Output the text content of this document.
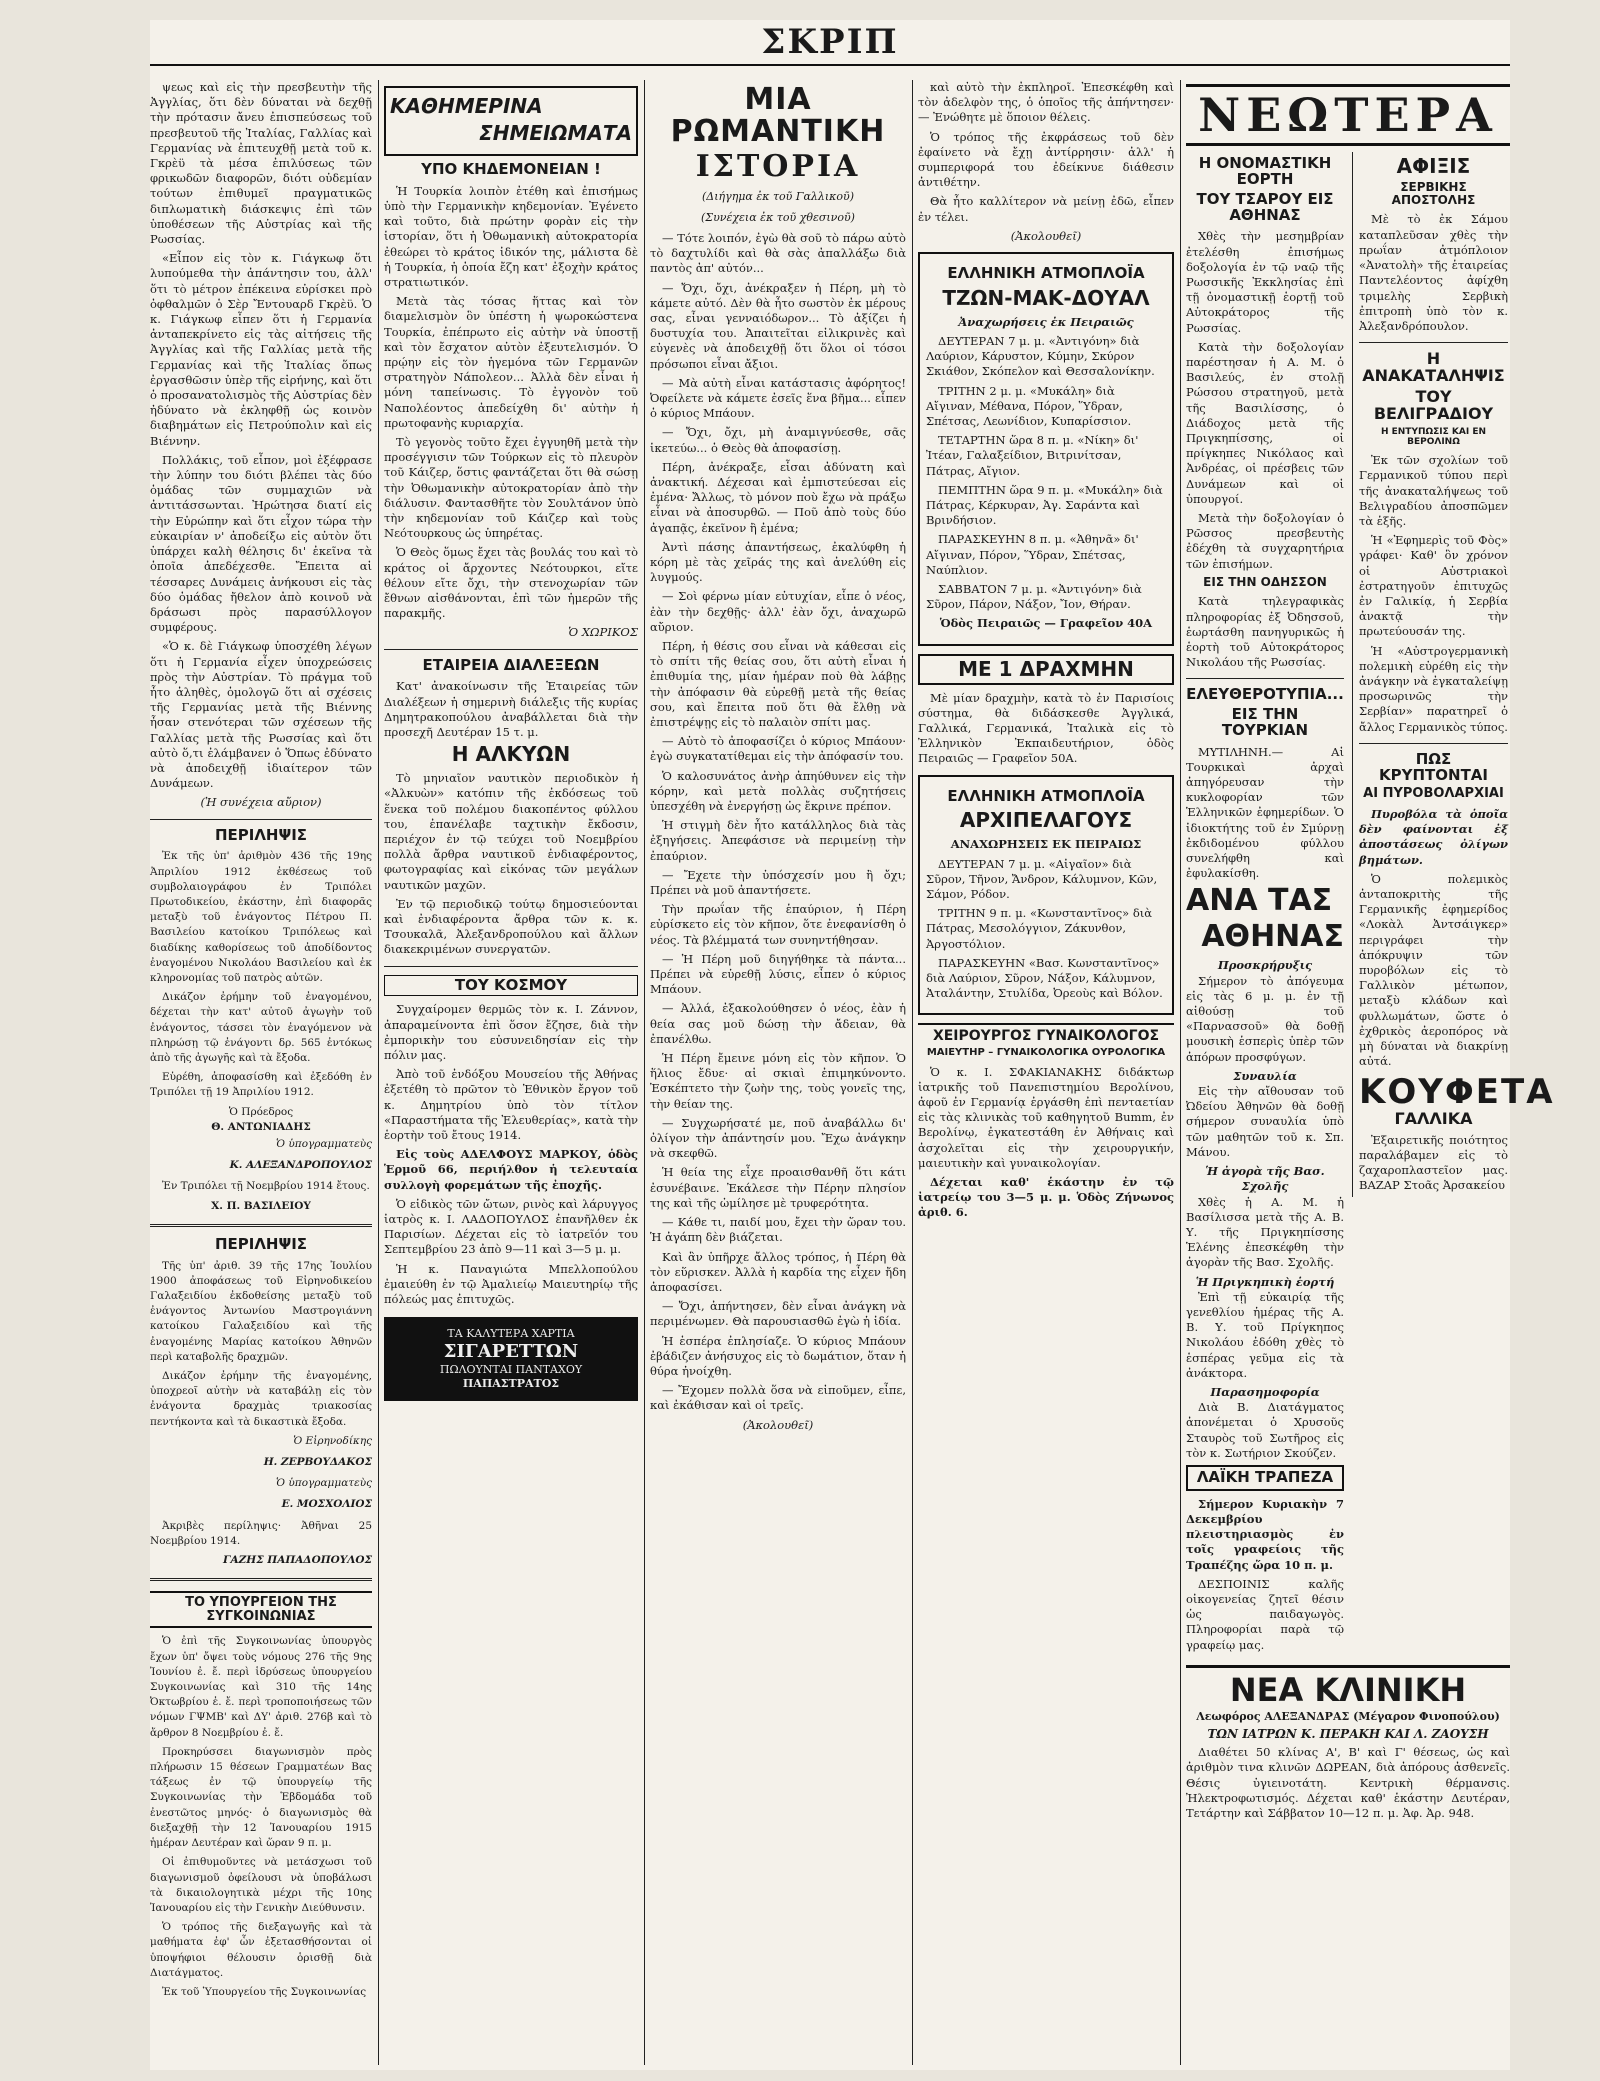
ΣΚΡΙΠ

ψεως καὶ εἰς τὴν πρεσβευτὴν τῆς Ἀγγλίας, ὅτι δὲν δύναται νὰ δεχθῇ τὴν πρότασιν ἄνευ ἐπισπεύσεως τοῦ πρεσβευτοῦ τῆς Ἰταλίας, Γαλλίας καὶ Γερμανίας νὰ ἐπιτευχθῇ μετὰ τοῦ κ. Γκρὲϋ τὰ μέσα ἐπιλύσεως τῶν φρικωδῶν διαφορῶν, διότι οὐδεμίαν τούτων ἐπιθυμεῖ πραγματικῶς διπλωματικὴ διάσκεψις ἐπὶ τῶν ὑποθέσεων τῆς Αὐστρίας καὶ τῆς Ρωσσίας.

«Εἶπον εἰς τὸν κ. Γιάγκωφ ὅτι λυπούμεθα τὴν ἀπάντησιν του, ἀλλ' ὅτι τὸ μέτρον ἐπέκεινα εὐρίσκει πρὸ ὀφθαλμῶν ὁ Σὲρ Ἔντουαρδ Γκρὲϋ. Ὁ κ. Γιάγκωφ εἶπεν ὅτι ἡ Γερμανία ἀνταπεκρίνετο εἰς τὰς αἰτήσεις τῆς Ἀγγλίας καὶ τῆς Γαλλίας μετὰ τῆς Γερμανίας καὶ τῆς Ἰταλίας ὅπως ἐργασθῶσιν ὑπὲρ τῆς εἰρήνης, καὶ ὅτι ὁ προσανατολισμὸς τῆς Αὐστρίας δὲν ἠδύνατο νὰ ἐκληφθῇ ὡς κοινὸν διαβημάτων εἰς Πετρούπολιν καὶ εἰς Βιέννην.

Πολλάκις, τοῦ εἶπον, μοὶ ἐξέφρασε τὴν λύπην του διότι βλέπει τὰς δύο ὁμάδας τῶν συμμαχιῶν νὰ ἀντιτάσσωνται. Ἠρώτησα διατί εἰς τὴν Εὐρώπην καὶ ὅτι εἶχον τώρα τὴν εὐκαιρίαν ν' ἀποδείξω εἰς αὐτὸν ὅτι ὑπάρχει καλὴ θέλησις δι' ἐκεῖνα τὰ ὁποῖα ἀπεδέχεσθε. Ἔπειτα αἱ τέσσαρες Δυνάμεις ἀνήκουσι εἰς τὰς δύο ὁμάδας ἤθελον ἀπὸ κοινοῦ νὰ δράσωσι πρὸς παρασύλλογον συμφέρους.

«Ὁ κ. δὲ Γιάγκωφ ὑποσχέθη λέγων ὅτι ἡ Γερμανία εἶχεν ὑποχρεώσεις πρὸς τὴν Αὐστρίαν. Τὸ πράγμα τοῦ ἦτο ἀληθὲς, ὁμολογῶ ὅτι αἱ σχέσεις τῆς Γερμανίας μετὰ τῆς Βιέννης ἦσαν στενότεραι τῶν σχέσεων τῆς Γαλλίας μετὰ τῆς Ρωσσίας καὶ ὅτι αὐτὸ ὅ,τι ἐλάμβανεν ὁ Ὅπως ἐδύνατο νὰ ἀποδειχθῇ ἰδιαίτερον τῶν Δυνάμεων.

(Ἡ συνέχεια αὔριον)

ΠΕΡΙΛΗΨΙΣ

Ἐκ τῆς ὑπ' ἀριθμὸν 436 τῆς 19ης Ἀπριλίου 1912 ἐκθέσεως τοῦ συμβολαιογράφου ἐν Τριπόλει Πρωτοδικείου, ἐκάστην, ἐπὶ διαφορᾶς μεταξὺ τοῦ ἐνάγοντος Πέτρου Π. Βασιλείου κατοίκου Τριπόλεως καὶ διαδίκης καθορίσεως τοῦ ἀποδίδοντος ἐναγομένου Νικολάου Βασιλείου καὶ ἐκ κληρονομίας τοῦ πατρὸς αὐτῶν.

Δικάζον ἐρήμην τοῦ ἐναγομένου, δέχεται τὴν κατ' αὐτοῦ ἀγωγὴν τοῦ ἐνάγοντος, τάσσει τὸν ἐναγόμενον νὰ πληρώσῃ τῷ ἐνάγοντι δρ. 565 ἐντόκως ἀπὸ τῆς ἀγωγῆς καὶ τὰ ἔξοδα.

Εὑρέθη, ἀποφασίσθη καὶ ἐξεδόθη ἐν Τριπόλει τῇ 19 Ἀπριλίου 1912.

Ὁ Πρόεδρος
Θ. ΑΝΤΩΝΙΑΔΗΣ
Ὁ ὑπογραμματεὺς
Κ. ΑΛΕΞΑΝΔΡΟΠΟΥΛΟΣ

Ἐν Τριπόλει τῇ Νοεμβρίου 1914 ἔτους.

Χ. Π. ΒΑΣΙΛΕΙΟΥ
ΠΕΡΙΛΗΨΙΣ

Τῆς ὑπ' ἀριθ. 39 τῆς 17ης Ἰουλίου 1900 ἀποφάσεως τοῦ Εἰρηνοδικείου Γαλαξειδίου ἐκδοθείσης μεταξὺ τοῦ ἐνάγοντος Ἀντωνίου Μαστρογιάννη κατοίκου Γαλαξειδίου καὶ τῆς ἐναγομένης Μαρίας κατοίκου Ἀθηνῶν περὶ καταβολῆς δραχμῶν.

Δικάζον ἐρήμην τῆς ἐναγομένης, ὑποχρεοῖ αὐτὴν νὰ καταβάλῃ εἰς τὸν ἐνάγοντα δραχμὰς τριακοσίας πεντήκοντα καὶ τὰ δικαστικὰ ἔξοδα.

Ὁ Εἰρηνοδίκης
Η. ΖΕΡΒΟΥΔΑΚΟΣ
Ὁ ὑπογραμματεὺς
Ε. ΜΟΣΧΟΛΙΟΣ

Ἀκριβὲς περίληψις· Ἀθῆναι 25 Νοεμβρίου 1914.

ΓΑΖΗΣ ΠΑΠΑΔΟΠΟΥΛΟΣ
ΤΟ ΥΠΟΥΡΓΕΙΟΝ ΤΗΣ ΣΥΓΚΟΙΝΩΝΙΑΣ

Ὁ ἐπὶ τῆς Συγκοινωνίας ὑπουργὸς ἔχων ὑπ' ὄψει τοὺς νόμους 276 τῆς 9ης Ἰουνίου ἐ. ἔ. περὶ ἱδρύσεως ὑπουργείου Συγκοινωνίας καὶ 310 τῆς 14ης Ὀκτωβρίου ἐ. ἔ. περὶ τροποποιήσεως τῶν νόμων ΓΨΜΒ' καὶ ΔΥ' ἀριθ. 276β καὶ τὸ ἄρθρον 8 Νοεμβρίου ἐ. ἔ.

Προκηρύσσει διαγωνισμὸν πρὸς πλήρωσιν 15 θέσεων Γραμματέων Βας τάξεως ἐν τῷ ὑπουργείῳ τῆς Συγκοινωνίας τὴν Ἑβδομάδα τοῦ ἐνεστῶτος μηνός· ὁ διαγωνισμὸς θὰ διεξαχθῇ τὴν 12 Ἰανουαρίου 1915 ἡμέραν Δευτέραν καὶ ὥραν 9 π. μ.

Οἱ ἐπιθυμοῦντες νὰ μετάσχωσι τοῦ διαγωνισμοῦ ὀφείλουσι νὰ ὑποβάλωσι τὰ δικαιολογητικὰ μέχρι τῆς 10ης Ἰανουαρίου εἰς τὴν Γενικὴν Διεύθυνσιν.

Ὁ τρόπος τῆς διεξαγωγῆς καὶ τὰ μαθήματα ἐφ' ὧν ἐξετασθήσονται οἱ ὑποψήφιοι θέλουσιν ὁρισθῇ διὰ Διατάγματος.

Ἐκ τοῦ Ὑπουργείου τῆς Συγκοινωνίας

ΚΑΘΗΜΕΡΙΝΑ
ΣΗΜΕΙΩΜΑΤΑ
ΥΠΟ ΚΗΔΕΜΟΝΕΙΑΝ !

Ἡ Τουρκία λοιπὸν ἐτέθη καὶ ἐπισήμως ὑπὸ τὴν Γερμανικὴν κηδεμονίαν. Ἐγένετο καὶ τοῦτο, διὰ πρώτην φορὰν εἰς τὴν ἱστορίαν, ὅτι ἡ Ὀθωμανικὴ αὐτοκρατορία ἐθεώρει τὸ κράτος ἰδικόν της, μάλιστα δὲ ἡ Τουρκία, ἡ ὁποία ἔζη κατ' ἐξοχὴν κράτος στρατιωτικόν.

Μετὰ τὰς τόσας ἥττας καὶ τὸν διαμελισμὸν ὃν ὑπέστη ἡ ψωροκώστενα Τουρκία, ἐπέπρωτο εἰς αὐτὴν νὰ ὑποστῇ καὶ τὸν ἔσχατον αὐτὸν ἐξευτελισμόν. Ὁ πρῴην εἰς τὸν ἡγεμόνα τῶν Γερμανῶν στρατηγὸν Νάπολεον... Ἀλλὰ δὲν εἶναι ἡ μόνη ταπείνωσις. Τὸ ἐγγονὸν τοῦ Ναπολέοντος ἀπεδείχθη δι' αὐτὴν ἡ πρωτοφανὴς κυριαρχία.

Τὸ γεγονὸς τοῦτο ἔχει ἐγγυηθῆ μετὰ τὴν προσέγγισιν τῶν Τούρκων εἰς τὸ πλευρὸν τοῦ Κάιζερ, ὅστις φαντάζεται ὅτι θὰ σώσῃ τὴν Ὀθωμανικὴν αὐτοκρατορίαν ἀπὸ τὴν διάλυσιν. Φαντασθῆτε τὸν Σουλτάνον ὑπὸ τὴν κηδεμονίαν τοῦ Κάιζερ καὶ τοὺς Νεότουρκους ὡς ὑπηρέτας.

Ὁ Θεὸς ὅμως ἔχει τὰς βουλάς του καὶ τὸ κράτος οἱ ἄρχοντες Νεότουρκοι, εἴτε θέλουν εἴτε ὄχι, τὴν στενοχωρίαν τῶν ἔθνων αἰσθάνονται, ἐπὶ τῶν ἡμερῶν τῆς παρακμῆς.

Ὁ ΧΩΡΙΚΟΣ
ΕΤΑΙΡΕΙΑ ΔΙΑΛΕΞΕΩΝ

Κατ' ἀνακοίνωσιν τῆς Ἑταιρείας τῶν Διαλέξεων ἡ σημερινὴ διάλεξις τῆς κυρίας Δημητρακοπούλου ἀναβάλλεται διὰ τὴν προσεχῆ Δευτέραν 15 τ. μ.

Η ΑΛΚΥΩΝ

Τὸ μηνιαῖον ναυτικὸν περιοδικὸν ἡ «Ἀλκυὼν» κατόπιν τῆς ἐκδόσεως τοῦ ἕνεκα τοῦ πολέμου διακοπέντος φύλλου του, ἐπανέλαβε ταχτικὴν ἔκδοσιν, περιέχον ἐν τῷ τεύχει τοῦ Νοεμβρίου πολλὰ ἄρθρα ναυτικοῦ ἐνδιαφέροντος, φωτογραφίας καὶ εἰκόνας τῶν μεγάλων ναυτικῶν μαχῶν.

Ἐν τῷ περιοδικῷ τούτῳ δημοσιεύονται καὶ ἐνδιαφέροντα ἄρθρα τῶν κ. κ. Τσουκαλᾶ, Ἀλεξανδροπούλου καὶ ἄλλων διακεκριμένων συνεργατῶν.

ΤΟΥ ΚΟΣΜΟΥ

Συγχαίρομεν θερμῶς τὸν κ. Ι. Ζάννον, ἀπαραμείνοντα ἐπὶ ὅσον ἔζησε, διὰ τὴν ἐμπορικὴν του εὐσυνειδησίαν εἰς τὴν πόλιν μας.

Ἀπὸ τοῦ ἐνδόξου Μουσείου τῆς Ἀθήνας ἐξετέθη τὸ πρῶτον τὸ Ἐθνικὸν ἔργον τοῦ κ. Δημητρίου ὑπὸ τὸν τίτλον «Παραστήματα τῆς Ἐλευθερίας», κατὰ τὴν ἑορτὴν τοῦ ἔτους 1914.

Εἰς τοὺς ΑΔΕΛΦΟΥΣ ΜΑΡΚΟΥ, ὁδὸς Ἑρμοῦ 66, περιήλθον ἡ τελευταία συλλογὴ φορεμάτων τῆς ἐποχῆς.

Ὁ εἰδικὸς τῶν ὤτων, ρινὸς καὶ λάρυγγος ἰατρὸς κ. Ι. ΛΑΔΟΠΟΥΛΟΣ ἐπανῆλθεν ἐκ Παρισίων. Δέχεται εἰς τὸ ἰατρεῖόν του Σεπτεμβρίου 23 ἀπὸ 9—11 καὶ 3—5 μ. μ.

Ἡ κ. Παναγιώτα Μπελλοπούλου ἐμαιεύθη ἐν τῷ Ἀμαλιείῳ Μαιευτηρίῳ τῆς πόλεώς μας ἐπιτυχῶς.

ΤΑ ΚΑΛΥΤΕΡΑ ΧΑΡΤΙΑ
ΣΙΓΑΡΕΤΤΩΝ
ΠΩΛΟΥΝΤΑΙ ΠΑΝΤΑΧΟΥ
ΠΑΠΑΣΤΡΑΤΟΣ
ΜΙΑ ΡΩΜΑΝΤΙΚΗ
ΙΣΤΟΡΙΑ
(Διήγημα ἐκ τοῦ Γαλλικοῦ)
(Συνέχεια ἐκ τοῦ χθεσινοῦ)

— Τότε λοιπόν, ἐγὼ θὰ σοῦ τὸ πάρω αὐτὸ τὸ δαχτυλίδι καὶ θὰ σὰς ἀπαλλάξω διὰ παντὸς ἀπ' αὐτόν...

— Ὄχι, ὄχι, ἀνέκραξεν ἡ Πέρη, μὴ τὸ κάμετε αὐτό. Δὲν θὰ ἦτο σωστὸν ἐκ μέρους σας, εἶναι γενναιόδωρον... Τὸ ἀξίζει ἡ δυστυχία του. Ἀπαιτεῖται εἰλικρινὲς καὶ εὐγενὲς νὰ ἀποδειχθῇ ὅτι ὅλοι οἱ τόσοι πρόσωποι εἶναι ἄξιοι.

— Μὰ αὐτὴ εἶναι κατάστασις ἀφόρητος! Ὀφείλετε νὰ κάμετε ἐσεῖς ἕνα βῆμα... εἶπεν ὁ κύριος Μπάουν.

— Ὄχι, ὄχι, μὴ ἀναμιγνύεσθε, σᾶς ἱκετεύω... ὁ Θεὸς θὰ ἀποφασίσῃ.

Πέρη, ἀνέκραξε, εἶσαι ἀδύνατη καὶ ἀνακτική. Δέχεσαι καὶ ἐμπιστεύεσαι εἰς ἐμένα· Ἄλλως, τὸ μόνον ποὺ ἔχω νὰ πράξω εἶναι νὰ ἀποσυρθῶ. — Ποῦ ἀπὸ τοὺς δύο ἀγαπᾷς, ἐκεῖνον ἢ ἐμένα;

Ἀντὶ πάσης ἀπαντήσεως, ἐκαλύφθη ἡ κόρη μὲ τὰς χεῖράς της καὶ ἀνελύθη εἰς λυγμούς.

— Σοὶ φέρνω μίαν εὐτυχίαν, εἶπε ὁ νέος, ἐὰν τὴν δεχθῇς· ἀλλ' ἐὰν ὄχι, ἀναχωρῶ αὔριον.

Πέρη, ἡ θέσις σου εἶναι νὰ κάθεσαι εἰς τὸ σπίτι τῆς θείας σου, ὅτι αὐτὴ εἶναι ἡ ἐπιθυμία της, μίαν ἡμέραν ποὺ θὰ λάβῃς τὴν ἀπόφασιν θὰ εὑρεθῇ μετὰ τῆς θείας σου, καὶ ἔπειτα ποῦ ὅτι θὰ ἔλθῃ νὰ ἐπιστρέψῃς εἰς τὸ παλαιὸν σπίτι μας.

— Αὐτὸ τὸ ἀποφασίζει ὁ κύριος Μπάουν· ἐγὼ συγκατατίθεμαι εἰς τὴν ἀπόφασίν του.

Ὁ καλοσυνάτος ἀνὴρ ἀπηύθυνεν εἰς τὴν κόρην, καὶ μετὰ πολλὰς συζητήσεις ὑπεσχέθη νὰ ἐνεργήσῃ ὡς ἔκρινε πρέπον.

Ἡ στιγμὴ δὲν ἦτο κατάλληλος διὰ τὰς ἐξηγήσεις. Ἀπεφάσισε νὰ περιμείνῃ τὴν ἐπαύριον.

— Ἔχετε τὴν ὑπόσχεσίν μου ἢ ὄχι; Πρέπει νὰ μοῦ ἀπαντήσετε.

Τὴν πρωΐαν τῆς ἑπαύριον, ἡ Πέρη εὑρίσκετο εἰς τὸν κῆπον, ὅτε ἐνεφανίσθη ὁ νέος. Τὰ βλέμματά των συνηντήθησαν.

— Ἡ Πέρη μοῦ διηγήθηκε τὰ πάντα... Πρέπει νὰ εὑρεθῇ λύσις, εἶπεν ὁ κύριος Μπάουν.

— Ἀλλά, ἐξακολούθησεν ὁ νέος, ἐὰν ἡ θεία σας μοῦ δώσῃ τὴν ἄδειαν, θὰ ἐπανέλθω.

Ἡ Πέρη ἔμεινε μόνη εἰς τὸν κῆπον. Ὁ ἥλιος ἔδυε· αἱ σκιαὶ ἐπιμηκύνοντο. Ἐσκέπτετο τὴν ζωὴν της, τοὺς γονεῖς της, τὴν θείαν της.

— Συγχωρήσατέ με, ποῦ ἀναβάλλω δι' ὀλίγον τὴν ἀπάντησίν μου. Ἔχω ἀνάγκην νὰ σκεφθῶ.

Ἡ θεία της εἶχε προαισθανθῆ ὅτι κάτι ἐσυνέβαινε. Ἐκάλεσε τὴν Πέρην πλησίον της καὶ τῆς ὡμίλησε μὲ τρυφερότητα.

— Κάθε τι, παιδί μου, ἔχει τὴν ὥραν του. Ἡ ἀγάπη δὲν βιάζεται.

Καὶ ἂν ὑπῆρχε ἄλλος τρόπος, ἡ Πέρη θὰ τὸν εὕρισκεν. Ἀλλὰ ἡ καρδία της εἶχεν ἤδη ἀποφασίσει.

— Ὄχι, ἀπήντησεν, δὲν εἶναι ἀνάγκη νὰ περιμένωμεν. Θὰ παρουσιασθῶ ἐγὼ ἡ ἰδία.

Ἡ ἑσπέρα ἐπλησίαζε. Ὁ κύριος Μπάουν ἐβάδιζεν ἀνήσυχος εἰς τὸ δωμάτιον, ὅταν ἡ θύρα ἠνοίχθη.

— Ἔχομεν πολλὰ ὅσα νὰ εἰποῦμεν, εἶπε, καὶ ἐκάθισαν καὶ οἱ τρεῖς.

(Ἀκολουθεῖ)

καὶ αὐτὸ τὴν ἐκπληροῖ. Ἐπεσκέφθη καὶ τὸν ἀδελφὸν της, ὁ ὁποῖος τῆς ἀπήντησεν· — Ἐνώθητε μὲ ὅποιον θέλεις.

Ὁ τρόπος τῆς ἐκφράσεως τοῦ δὲν ἐφαίνετο νὰ ἔχῃ ἀντίρρησιν· ἀλλ' ἡ συμπεριφορά του ἐδείκνυε διάθεσιν ἀντιθέτην.

Θὰ ἦτο καλλίτερον νὰ μείνῃ ἐδῶ, εἶπεν ἐν τέλει.

(Ἀκολουθεῖ)

ΕΛΛΗΝΙΚΗ ΑΤΜΟΠΛΟΪΑ
ΤΖΩΝ-ΜΑΚ-ΔΟΥΑΛ

Ἀναχωρήσεις ἐκ Πειραιῶς

ΔΕΥΤΕΡΑΝ 7 μ. μ. «Ἀντιγόνη» διὰ Λαύριον, Κάρυστον, Κύμην, Σκύρον Σκιάθον, Σκόπελον καὶ Θεσσαλονίκην.

ΤΡΙΤΗΝ 2 μ. μ. «Μυκάλη» διὰ Αἴγιναν, Μέθανα, Πόρον, Ὕδραν, Σπέτσας, Λεωνίδιον, Κυπαρίσσιον.

ΤΕΤΑΡΤΗΝ ὥρα 8 π. μ. «Νίκη» δι' Ἰτέαν, Γαλαξείδιον, Βιτρινίτσαν, Πάτρας, Αἴγιον.

ΠΕΜΠΤΗΝ ὥρα 9 π. μ. «Μυκάλη» διὰ Πάτρας, Κέρκυραν, Ἀγ. Σαράντα καὶ Βρινδήσιον.

ΠΑΡΑΣΚΕΥΗΝ 8 π. μ. «Ἀθηνᾶ» δι' Αἴγιναν, Πόρον, Ὕδραν, Σπέτσας, Ναύπλιον.

ΣΑΒΒΑΤΟΝ 7 μ. μ. «Ἀντιγόνη» διὰ Σῦρον, Πάρον, Νάξον, Ἴον, Θήραν.

Ὁδὸς Πειραιῶς — Γραφεῖον 40Α

ΜΕ 1 ΔΡΑΧΜΗΝ

Μὲ μίαν δραχμὴν, κατὰ τὸ ἐν Παρισίοις σύστημα, θὰ διδάσκεσθε Ἀγγλικά, Γαλλικά, Γερμανικά, Ἰταλικὰ εἰς τὸ Ἐλληνικὸν Ἐκπαιδευτήριον, ὁδὸς Πειραιῶς — Γραφεῖον 50Α.

ΕΛΛΗΝΙΚΗ ΑΤΜΟΠΛΟΪΑ
ΑΡΧΙΠΕΛΑΓΟΥΣ

ΑΝΑΧΩΡΗΣΕΙΣ ΕΚ ΠΕΙΡΑΙΩΣ

ΔΕΥΤΕΡΑΝ 7 μ. μ. «Αἰγαῖον» διὰ Σῦρον, Τῆνον, Ἄνδρον, Κάλυμνον, Κῶν, Σάμον, Ρόδον.

ΤΡΙΤΗΝ 9 π. μ. «Κωνσταντῖνος» διὰ Πάτρας, Μεσολόγγιον, Ζάκυνθον, Ἀργοστόλιον.

ΠΑΡΑΣΚΕΥΗΝ «Βασ. Κωνσταντῖνος» διὰ Λαύριον, Σῦρον, Νάξον, Κάλυμνον, Ἀταλάντην, Στυλίδα, Ὀρεοὺς καὶ Βόλον.

ΧΕΙΡΟΥΡΓΟΣ ΓΥΝΑΙΚΟΛΟΓΟΣ
ΜΑΙΕΥΤΗΡ – ΓΥΝΑΙΚΟΛΟΓΙΚΑ ΟΥΡΟΛΟΓΙΚΑ

Ὁ κ. Ι. ΣΦΑΚΙΑΝΑΚΗΣ διδάκτωρ ἰατρικῆς τοῦ Πανεπιστημίου Βερολίνου, ἀφοῦ ἐν Γερμανίᾳ ἐργάσθη ἐπὶ πενταετίαν εἰς τὰς κλινικὰς τοῦ καθηγητοῦ Bumm, ἐν Βερολίνῳ, ἐγκατεστάθη ἐν Ἀθήναις καὶ ἀσχολεῖται εἰς τὴν χειρουργικήν, μαιευτικὴν καὶ γυναικολογίαν.

Δέχεται καθ' ἑκάστην ἐν τῷ ἰατρείῳ του 3—5 μ. μ. Ὁδὸς Ζήνωνος ἀριθ. 6.

ΝΕΩΤΕΡΑ
Η ΟΝΟΜΑΣΤΙΚΗ ΕΟΡΤΗ
ΤΟΥ ΤΣΑΡΟΥ ΕΙΣ ΑΘΗΝΑΣ

Χθὲς τὴν μεσημβρίαν ἐτελέσθη ἐπισήμως δοξολογία ἐν τῷ ναῷ τῆς Ρωσσικῆς Ἐκκλησίας ἐπὶ τῇ ὀνομαστικῇ ἑορτῇ τοῦ Αὐτοκράτορος τῆς Ρωσσίας.

Κατὰ τὴν δοξολογίαν παρέστησαν ἡ Α. Μ. ὁ Βασιλεύς, ἐν στολῇ Ρώσσου στρατηγοῦ, μετὰ τῆς Βασιλίσσης, ὁ Διάδοχος μετὰ τῆς Πριγκηπίσσης, οἱ πρίγκηπες Νικόλαος καὶ Ἀνδρέας, οἱ πρέσβεις τῶν Δυνάμεων καὶ οἱ ὑπουργοί.

Μετὰ τὴν δοξολογίαν ὁ Ρῶσσος πρεσβευτὴς ἐδέχθη τὰ συγχαρητήρια τῶν ἐπισήμων.

ΕΙΣ ΤΗΝ ΟΔΗΣΣΟΝ

Κατὰ τηλεγραφικὰς πληροφορίας ἐξ Ὀδησσοῦ, ἑωρτάσθη πανηγυρικῶς ἡ ἑορτὴ τοῦ Αὐτοκράτορος Νικολάου τῆς Ρωσσίας.

ΕΛΕΥΘΕΡΟΤΥΠΙΑ...
ΕΙΣ ΤΗΝ ΤΟΥΡΚΙΑΝ

ΜΥΤΙΛΗΝΗ.— Αἱ Τουρκικαὶ ἀρχαὶ ἀπηγόρευσαν τὴν κυκλοφορίαν τῶν Ἑλληνικῶν ἐφημερίδων. Ὁ ἰδιοκτήτης τοῦ ἐν Σμύρνῃ ἐκδιδομένου φύλλου συνελήφθη καὶ ἐφυλακίσθη.

ΑΝΑ ΤΑΣ
ΑΘΗΝΑΣ
Προσκρήρυξις

Σήμερον τὸ ἀπόγευμα εἰς τὰς 6 μ. μ. ἐν τῇ αἰθούσῃ τοῦ «Παρνασσοῦ» θὰ δοθῇ μουσικὴ ἑσπερὶς ὑπὲρ τῶν ἀπόρων προσφύγων.

Συναυλία

Εἰς τὴν αἴθουσαν τοῦ Ὠδείου Ἀθηνῶν θὰ δοθῇ σήμερον συναυλία ὑπὸ τῶν μαθητῶν τοῦ κ. Σπ. Μάνου.

Ἡ ἀγορὰ τῆς Βασ. Σχολῆς

Χθὲς ἡ Α. Μ. ἡ Βασίλισσα μετὰ τῆς Α. Β. Υ. τῆς Πριγκηπίσσης Ἑλένης ἐπεσκέφθη τὴν ἀγορὰν τῆς Βασ. Σχολῆς.

Ἡ Πριγκηπικὴ ἑορτή

Ἐπὶ τῇ εὐκαιρίᾳ τῆς γενεθλίου ἡμέρας τῆς Α. Β. Υ. τοῦ Πρίγκηπος Νικολάου ἐδόθη χθὲς τὸ ἑσπέρας γεῦμα εἰς τὰ ἀνάκτορα.

Παρασημοφορία

Διὰ Β. Διατάγματος ἀπονέμεται ὁ Χρυσοῦς Σταυρὸς τοῦ Σωτῆρος εἰς τὸν κ. Σωτήριον Σκούζεν.

ΛΑΪΚΗ ΤΡΑΠΕΖΑ

Σήμερον Κυριακὴν 7 Δεκεμβρίου πλειστηριασμὸς ἐν τοῖς γραφείοις τῆς Τραπέζης ὥρα 10 π. μ.

ΔΕΣΠΟΙΝΙΣ καλῆς οἰκογενείας ζητεῖ θέσιν ὡς παιδαγωγὸς. Πληροφορίαι παρὰ τῷ γραφείῳ μας.

ΑΦΙΞΙΣ
ΣΕΡΒΙΚΗΣ ΑΠΟΣΤΟΛΗΣ

Μὲ τὸ ἐκ Σάμου καταπλεῦσαν χθὲς τὴν πρωΐαν ἀτμόπλοιον «Ἀνατολὴ» τῆς ἑταιρείας Παντελέοντος ἀφίχθη τριμελὴς Σερβικὴ ἐπιτροπὴ ὑπὸ τὸν κ. Ἀλεξανδρόπουλον.

Η ΑΝΑΚΑΤΑΛΗΨΙΣ
ΤΟΥ ΒΕΛΙΓΡΑΔΙΟΥ
Η ΕΝΤΥΠΩΣΙΣ ΚΑΙ ΕΝ ΒΕΡΟΛΙΝΩ

Ἐκ τῶν σχολίων τοῦ Γερμανικοῦ τύπου περὶ τῆς ἀνακαταλήψεως τοῦ Βελιγραδίου ἀποσπῶμεν τὰ ἑξῆς.

Ἡ «Ἐφημερὶς τοῦ Φὸς» γράφει· Καθ' ὃν χρόνον οἱ Αὐστριακοὶ ἐστρατηγοῦν ἐπιτυχῶς ἐν Γαλικίᾳ, ἡ Σερβία ἀνακτᾷ τὴν πρωτεύουσάν της.

Ἡ «Αὐστρογερμανικὴ πολεμικὴ εὑρέθη εἰς τὴν ἀνάγκην νὰ ἐγκαταλείψῃ προσωρινῶς τὴν Σερβίαν» παρατηρεῖ ὁ ἄλλος Γερμανικὸς τύπος.

ΠΩΣ ΚΡΥΠΤΟΝΤΑΙ
ΑΙ ΠΥΡΟΒΟΛΑΡΧΙΑΙ

Πυροβόλα τὰ ὁποῖα δὲν φαίνονται ἐξ ἀποστάσεως ὀλίγων βημάτων.

Ὁ πολεμικὸς ἀνταποκριτὴς τῆς Γερμανικῆς ἐφημερίδος «Λοκὰλ Ἀντσάιγκερ» περιγράφει τὴν ἀπόκρυψιν τῶν πυροβόλων εἰς τὸ Γαλλικὸν μέτωπον, μεταξὺ κλάδων καὶ φυλλωμάτων, ὥστε ὁ ἐχθρικὸς ἀεροπόρος νὰ μὴ δύναται νὰ διακρίνῃ αὐτά.

ΚΟΥΦΕΤΑ
ΓΑΛΛΙΚΑ

Ἐξαιρετικῆς ποιότητος παραλάβαμεν εἰς τὸ ζαχαροπλαστεῖον μας. ΒΑΖΑΡ Στοᾶς Ἀρσακείου

ΝΕΑ ΚΛΙΝΙΚΗ
Λεωφόρος ΑΛΕΞΑΝΔΡΑΣ (Μέγαρον Φινοπούλου)
ΤΩΝ ΙΑΤΡΩΝ Κ. ΠΕΡΑΚΗ ΚΑΙ Λ. ΖΑΟΥΣΗ

Διαθέτει 50 κλίνας Α', Β' καὶ Γ' θέσεως, ὡς καὶ ἀριθμὸν τινα κλινῶν ΔΩΡΕΑΝ, διὰ ἀπόρους ἀσθενεῖς. Θέσις ὑγιεινοτάτη. Κεντρικὴ θέρμανσις. Ἠλεκτροφωτισμός. Δέχεται καθ' ἑκάστην Δευτέραν, Τετάρτην καὶ Σάββατον 10—12 π. μ. Ἀφ. Ἀρ. 948.
